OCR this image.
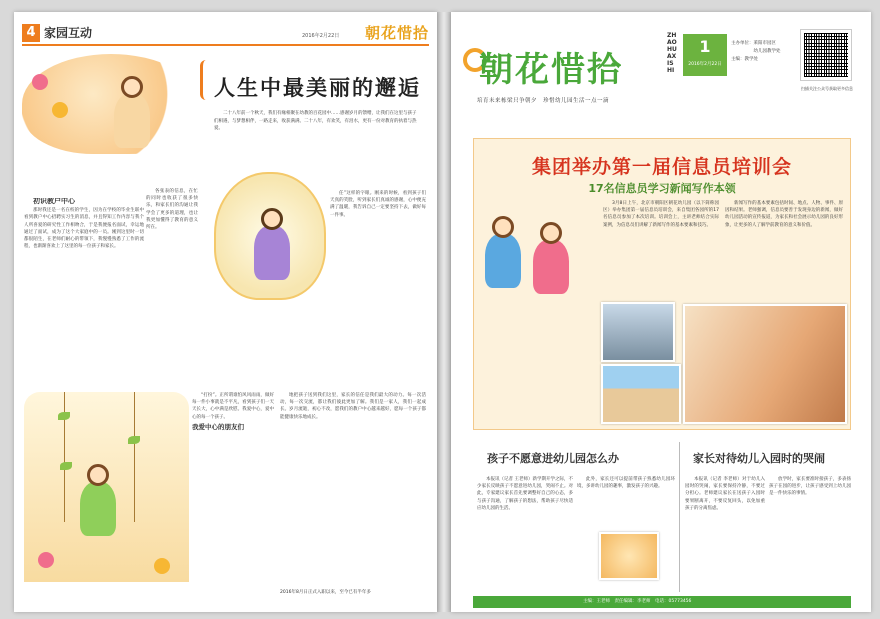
4 家园互动	2016年2月22日 朝花惜拾
人生中最美丽的邂逅
二十八年前一个秋天，我们有缘相聚在幼教的百花园中……感谢岁月的馈赠，让我们在这里与孩子们相遇，与梦想相伴，一路走来，收获满满。二十八年，有欢笑，有泪水，更有一份对教育的执着与热爱。
初识教户中心

那时我还是一名在校的学生，因为在学校的毕业生联中看到教户中心招聘实习生的消息，并且得知工作内容与我个人所喜爱的研究性工作相吻合，于是我便报名面试，幸运地通过了面试，成为了这个大家庭中的一员。刚到这里时一切都很陌生，在老师们耐心的带领下，我慢慢熟悉了工作的流程，也渐渐喜欢上了这里的每一位孩子和家长。

各张表的信息，在忙的同时也收获了很多快乐，和家长们的沟通让我学会了更多的道理，也让我更加懂得了教育的意义所在。

任”这样的字眼。刚来的时候，看到孩子们天真的笑脸，听到家长们真诚的感谢，心中便充满了温暖，我告诉自己一定要坚持下去，做好每一件事。

“打扮”。正所谓谁怕风风雨雨，做好每一件小事就是不平凡，看到孩子们一天天长大，心中满是欣慰。我爱中心，爱中心的每一个孩子。

我爱中心的朋友们

地把孩子送到我们这里，家长的信任是我们最大的动力。每一次活动，每一次交流，都让我们彼此更加了解。我们是一家人，我们一起成长。岁月流逝，初心不改，愿我们的教户中心越来越好，愿每一个孩子都能健康快乐地成长。

2016年8月日正式入职以来，至今已有半年多
朝花惜拾
培育未来栋梁只争朝夕　珍惜幼儿园生活一点一滴
ZHAOHUAXISHI
1
2016年2月22日
主办单位：莱阳市园区
　　　　　幼儿园教学处
主编：教学处
扫描关注公众号获取更多信息
集团举办第一届信息员培训会
17名信息员学习新闻写作本领

3月8日上午，北京市朝阳区朝花幼儿园（以下简称园区）举办集团第一届信息员培训会，来自集团各园所的17名信息员参加了本次培训。培训会上，主讲老师结合实际案例，为信息员们讲解了新闻写作的基本要素和技巧。

新闻写作的基本要素包括时间、地点、人物、事件、原因和结果。老师强调，信息员要善于发现身边的新闻，做好幼儿园活动的宣传报道，为家长和社会展示幼儿园的良好形象，让更多的人了解学前教育的意义和价值。

孩子不愿意进幼儿园怎么办	家长对待幼儿入园时的哭闹

本报讯（记者 王老师）新学期开学之际，不少家长反映孩子不愿意进幼儿园，哭闹不止。对此，专家建议家长首先要调整好自己的心态，多与孩子沟通，了解孩子的想法，帮助孩子尽快适应幼儿园的生活。

此外，家长还可以提前带孩子熟悉幼儿园环境，多讲幼儿园的趣事，激发孩子的兴趣。

本报讯（记者 李老师）对于幼儿入园时的哭闹，家长要保持冷静，不要过分担心。老师建议家长在送孩子入园时要果断离开，不要反复回头，以免加重孩子的分离焦虑。

放学时，家长要准时接孩子，多表扬孩子在园的进步，让孩子感受到上幼儿园是一件快乐的事情。

主编：王老师　责任编辑：李老师　电话：05773456
